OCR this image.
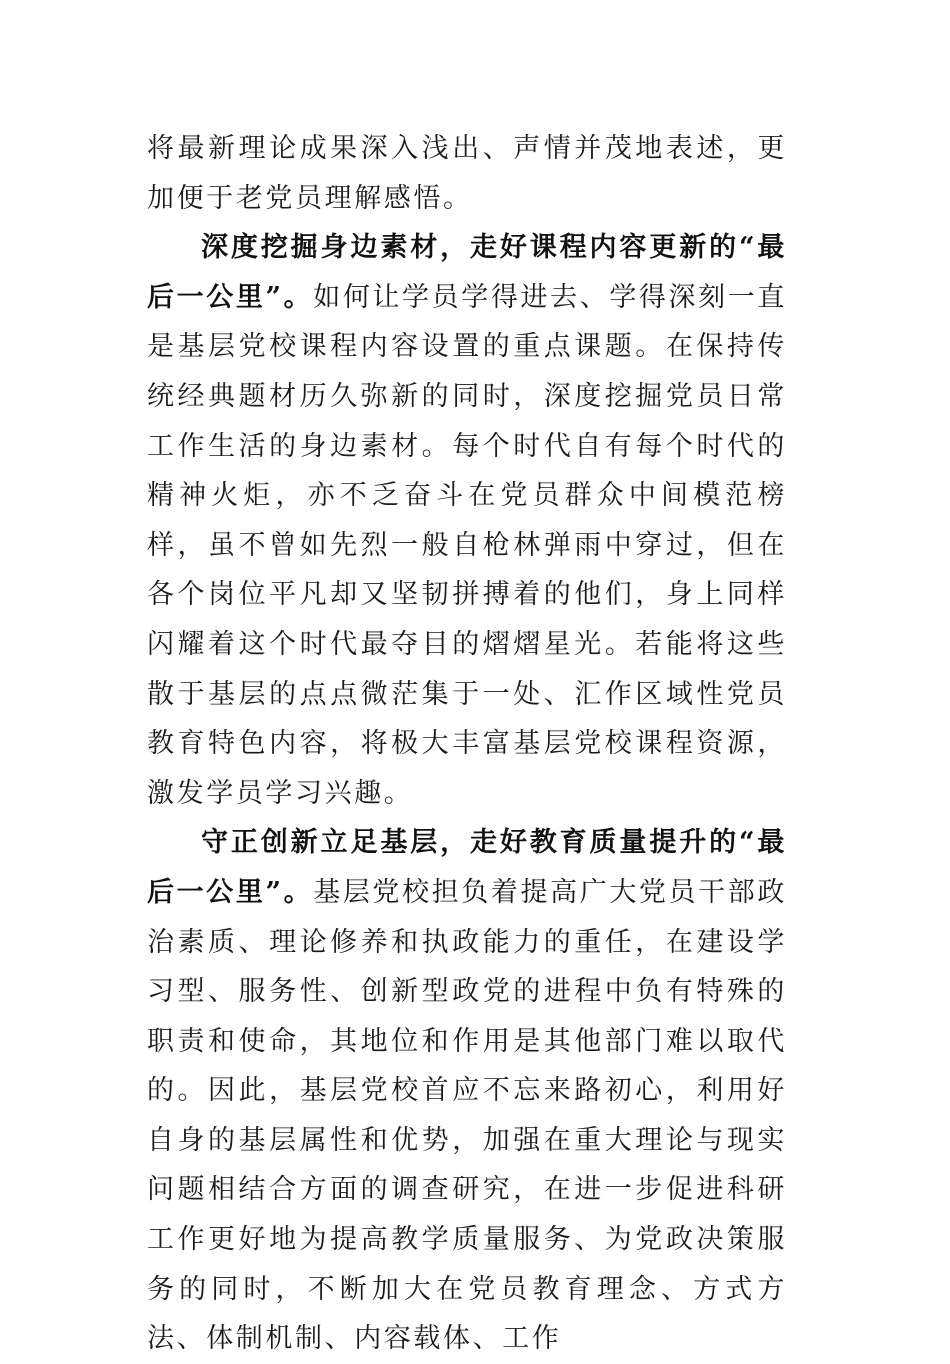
将最新理论成果深入浅出、声情并茂地表述，更加便于老党员理解感悟。

深度挖掘身边素材，走好课程内容更新的“最后一公里”。如何让学员学得进去、学得深刻一直是基层党校课程内容设置的重点课题。在保持传统经典题材历久弥新的同时，深度挖掘党员日常工作生活的身边素材。每个时代自有每个时代的精神火炬，亦不乏奋斗在党员群众中间模范榜样，虽不曾如先烈一般自枪林弹雨中穿过，但在各个岗位平凡却又坚韧拼搏着的他们，身上同样闪耀着这个时代最夺目的熠熠星光。若能将这些散于基层的点点微茫集于一处、汇作区域性党员教育特色内容，将极大丰富基层党校课程资源，激发学员学习兴趣。

守正创新立足基层，走好教育质量提升的“最后一公里”。基层党校担负着提高广大党员干部政治素质、理论修养和执政能力的重任，在建设学习型、服务性、创新型政党的进程中负有特殊的职责和使命，其地位和作用是其他部门难以取代的。因此，基层党校首应不忘来路初心，利用好自身的基层属性和优势，加强在重大理论与现实问题相结合方面的调查研究，在进一步促进科研工作更好地为提高教学质量服务、为党政决策服务的同时，不断加大在党员教育理念、方式方法、体制机制、内容载体、工作
